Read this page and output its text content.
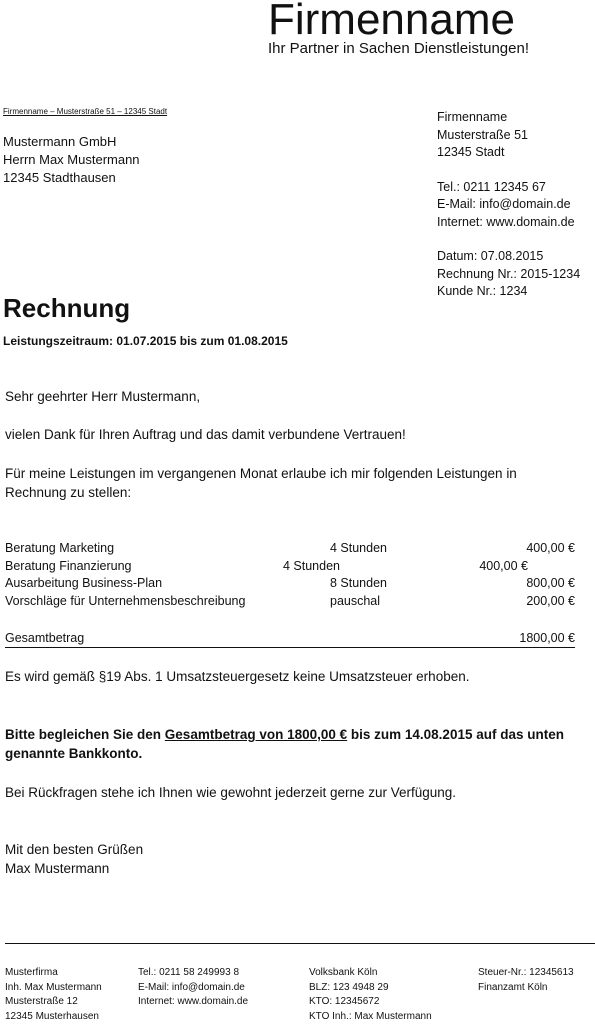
Firmenname
Ihr Partner in Sachen Dienstleistungen!
Firmenname – Musterstraße 51 – 12345 Stadt
Mustermann GmbH
Herrn Max Mustermann
12345 Stadthausen
Firmenname
Musterstraße 51
12345 Stadt
Tel.: 0211 12345 67
E-Mail: info@domain.de
Internet: www.domain.de
Datum: 07.08.2015
Rechnung Nr.: 2015-1234
Kunde Nr.: 1234
Rechnung
Leistungszeitraum: 01.07.2015 bis zum 01.08.2015
Sehr geehrter Herr Mustermann,
vielen Dank für Ihren Auftrag und das damit verbundene Vertrauen!
Für meine Leistungen im vergangenen Monat erlaube ich mir folgenden Leistungen in Rechnung zu stellen:
Beratung Marketing	4 Stunden	400,00 €
Beratung Finanzierung	4 Stunden	400,00 €
Ausarbeitung Business-Plan	8 Stunden	800,00 €
Vorschläge für Unternehmensbeschreibung	pauschal	200,00 €
Gesamtbetrag	1800,00 €
Es wird gemäß §19 Abs. 1 Umsatzsteuergesetz keine Umsatzsteuer erhoben.
Bitte begleichen Sie den Gesamtbetrag von 1800,00 € bis zum 14.08.2015 auf das unten genannte Bankkonto.
Bei Rückfragen stehe ich Ihnen wie gewohnt jederzeit gerne zur Verfügung.
Mit den besten Grüßen
Max Mustermann
Musterfirma
Inh. Max Mustermann
Musterstraße 12
12345 Musterhausen
Tel.: 0211 58 249993 8
E-Mail: info@domain.de
Internet: www.domain.de
Volksbank Köln
BLZ: 123 4948 29
KTO: 12345672
KTO Inh.: Max Mustermann
Steuer-Nr.: 12345613
Finanzamt Köln
